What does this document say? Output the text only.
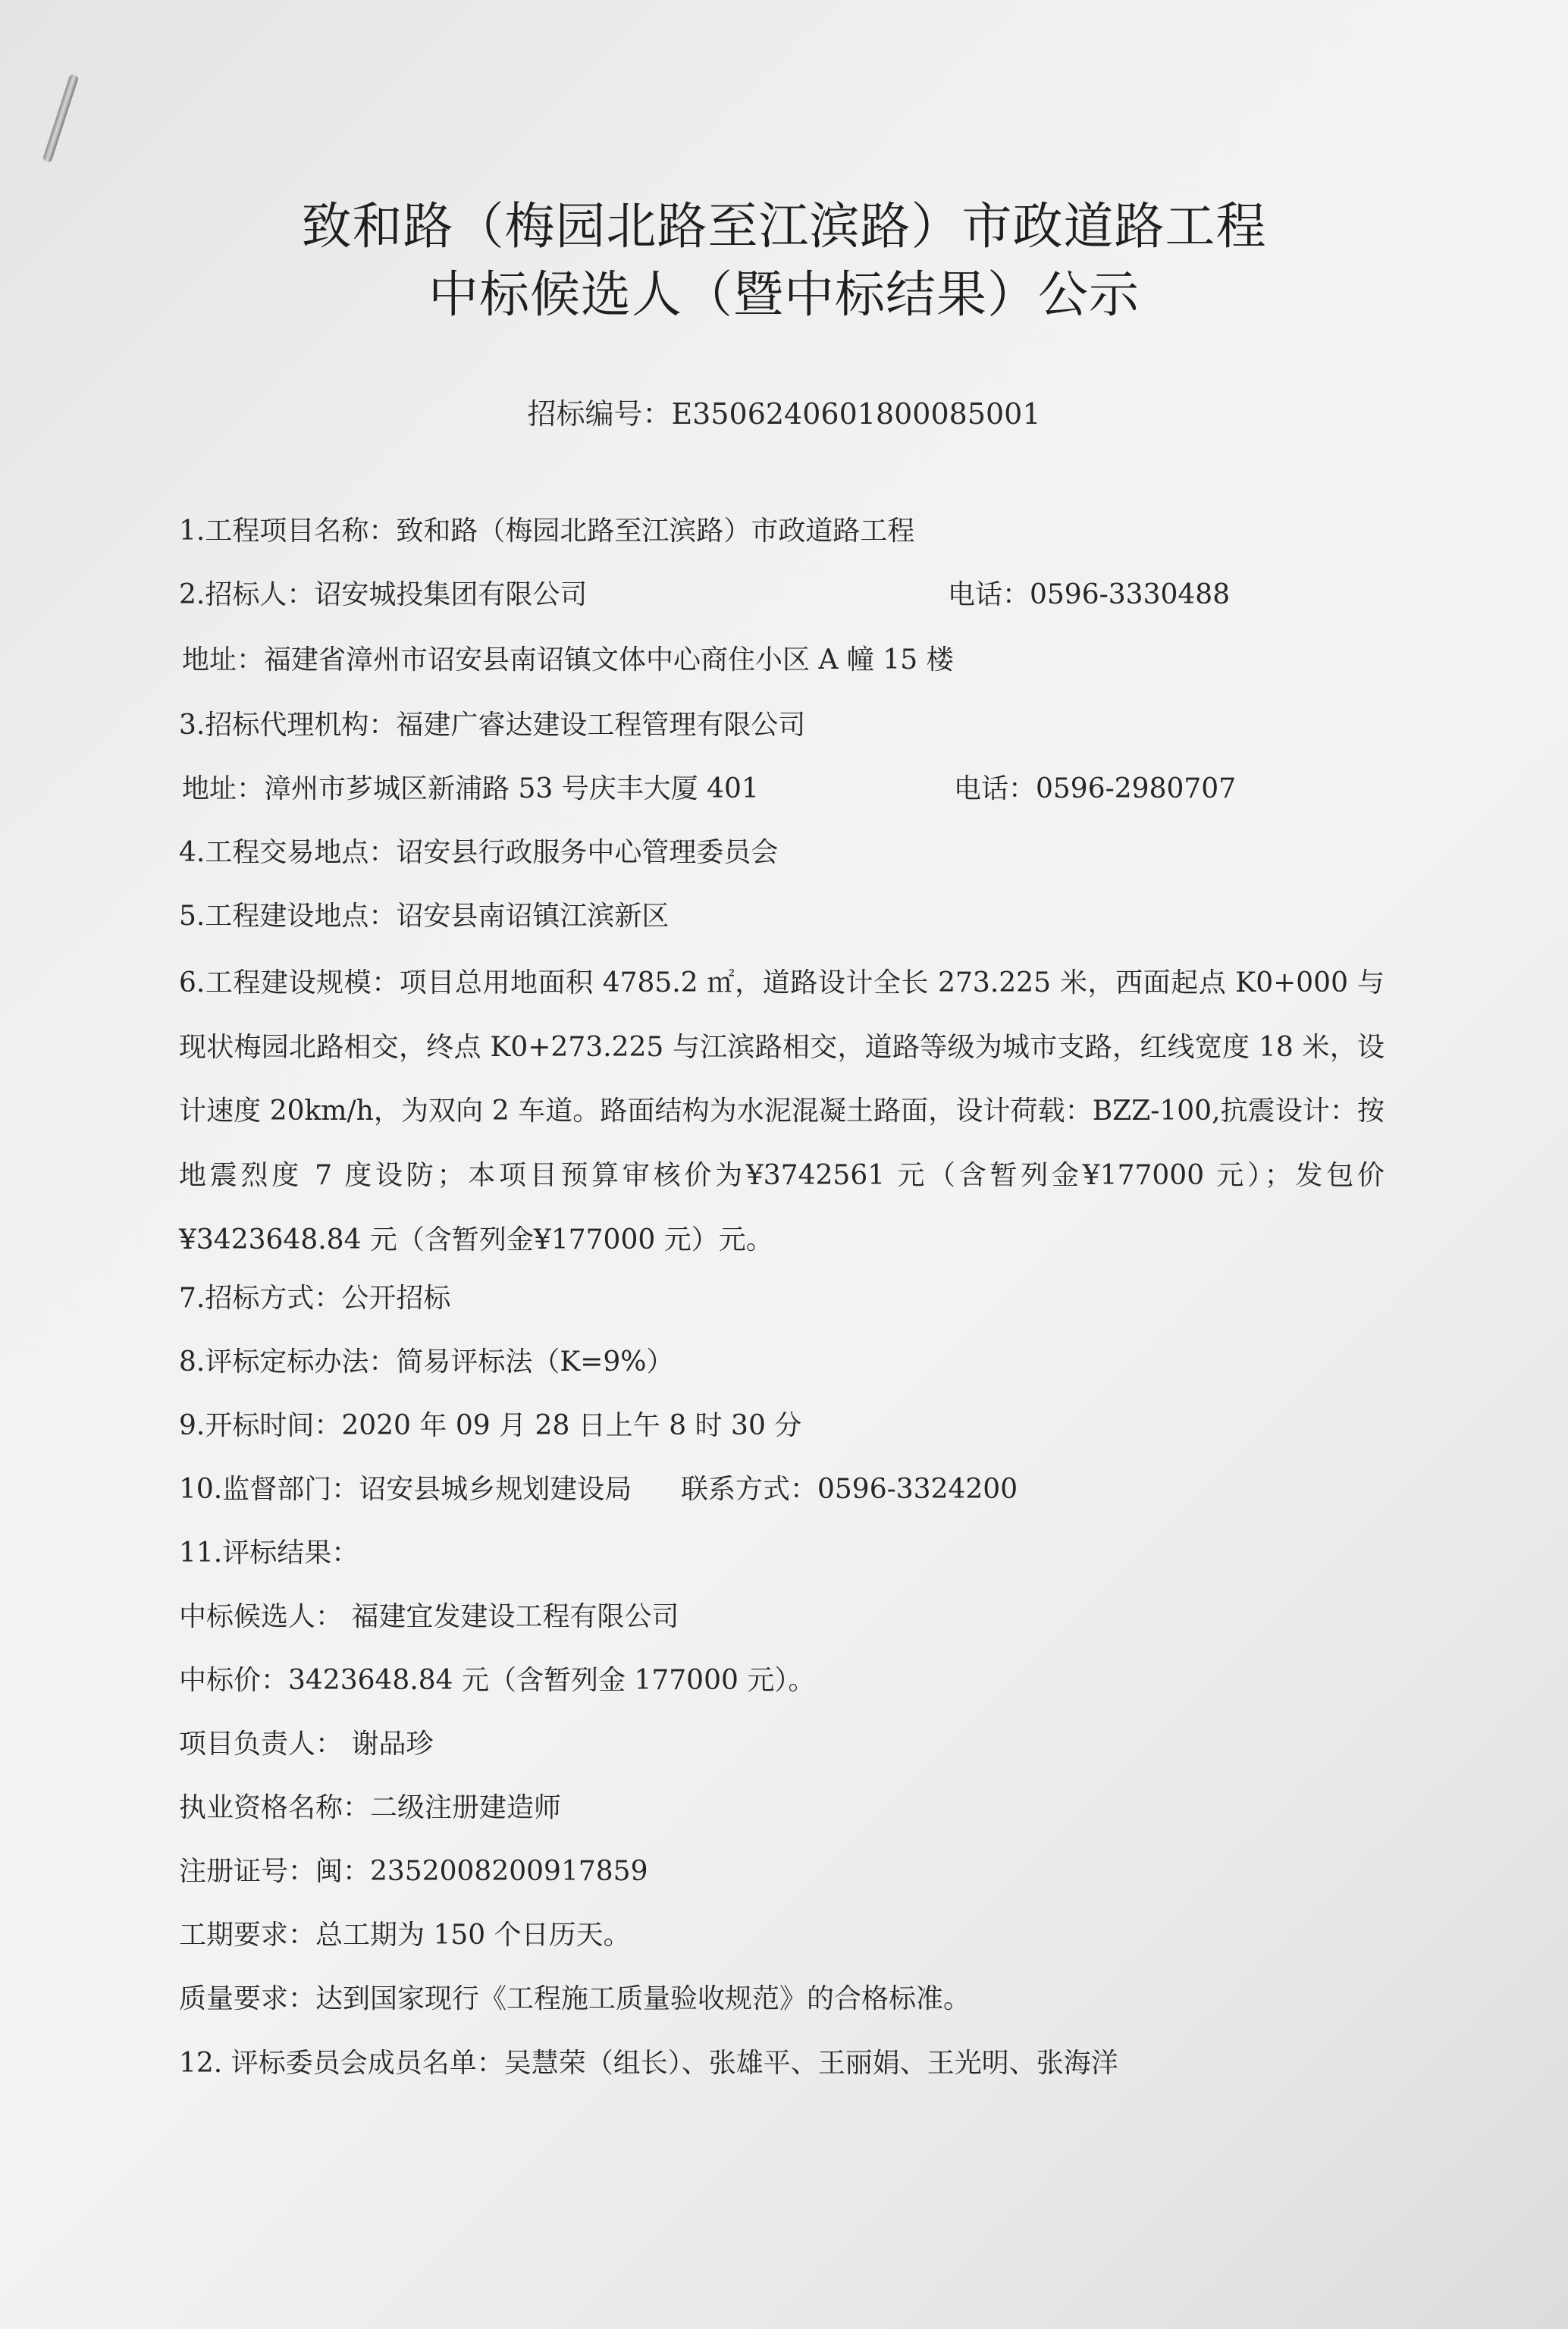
致和路（梅园北路至江滨路）市政道路工程
中标候选人（暨中标结果）公示
招标编号：E3506240601800085001
1.工程项目名称：致和路（梅园北路至江滨路）市政道路工程
2.招标人：诏安城投集团有限公司	电话：0596-3330488
地址：福建省漳州市诏安县南诏镇文体中心商住小区 A 幢 15 楼
3.招标代理机构：福建广睿达建设工程管理有限公司
地址：漳州市芗城区新浦路 53 号庆丰大厦 401	电话：0596-2980707
4.工程交易地点：诏安县行政服务中心管理委员会
5.工程建设地点：诏安县南诏镇江滨新区
6.工程建设规模：项目总用地面积 4785.2 ㎡，道路设计全长 273.225 米，西面起点 K0+000 与现状梅园北路相交，终点 K0+273.225 与江滨路相交，道路等级为城市支路，红线宽度 18 米，设计速度 20km/h，为双向 2 车道。路面结构为水泥混凝土路面，设计荷载：BZZ-100,抗震设计：按地震烈度 7 度设防；本项目预算审核价为¥3742561 元（含暂列金¥177000 元）；发包价¥3423648.84 元（含暂列金¥177000 元）元。
7.招标方式：公开招标
8.评标定标办法：简易评标法（K=9%）
9.开标时间：2020 年 09 月 28 日上午 8 时 30 分
10.监督部门：诏安县城乡规划建设局 联系方式：0596-3324200
11.评标结果：
中标候选人： 福建宜发建设工程有限公司
中标价：3423648.84 元（含暂列金 177000 元）。
项目负责人： 谢品珍
执业资格名称：二级注册建造师
注册证号：闽：2352008200917859
工期要求：总工期为 150 个日历天。
质量要求：达到国家现行《工程施工质量验收规范》的合格标准。
12. 评标委员会成员名单：吴慧荣（组长）、张雄平、王丽娟、王光明、张海洋
